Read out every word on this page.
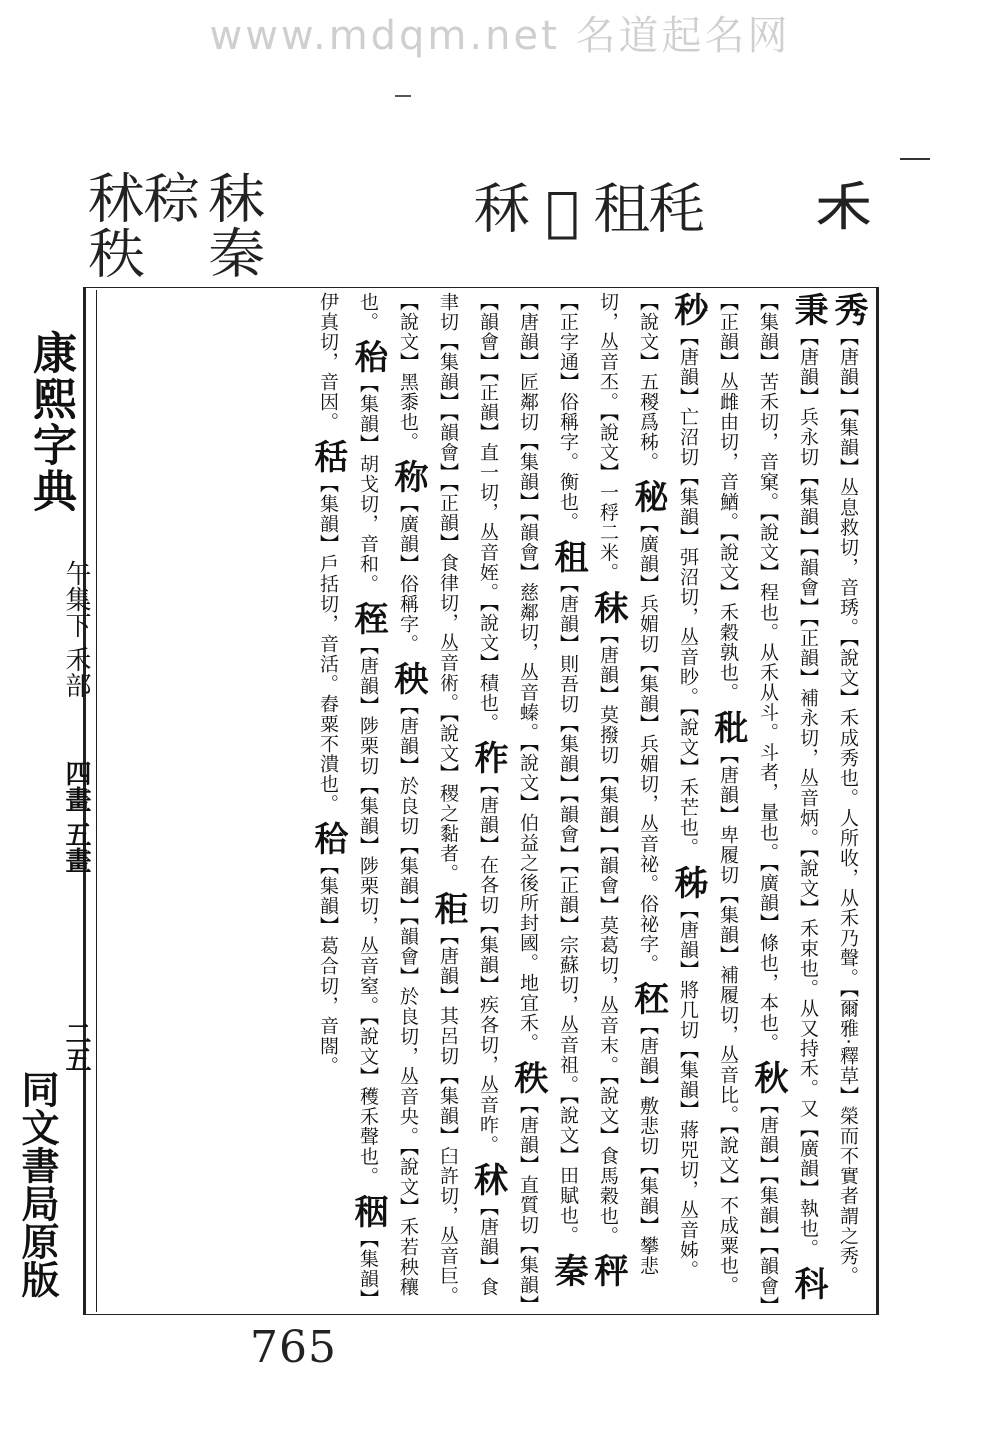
www.mdqm.net 名道起名网
𥝌
秏
租
𪌻
秝
秣
秦
𥟡
秫
秩
秀【唐韻】【集韻】丛息救切，音琇。【說文】禾成秀也。人所收，从禾乃聲。【爾雅·釋草】榮而不實者謂之秀。 秉【唐韻】兵永切【集韻】【韻會】【正韻】補永切，丛音炳。【說文】禾束也。从又持禾。又【廣韻】執也。 科【集韻】苦禾切，音窠。【說文】程也。从禾从斗。斗者，量也。【廣韻】條也，本也。 秋【唐韻】【集韻】【韻會】【正韻】丛雌由切，音鰌。【說文】禾穀孰也。 秕【唐韻】卑履切【集韻】補履切，丛音比。【說文】不成粟也。 秒【唐韻】亡沼切【集韻】弭沼切，丛音眇。【說文】禾芒也。 秭【唐韻】將几切【集韻】蔣兕切，丛音姊。【說文】五稯爲秭。 秘【廣韻】兵媚切【集韻】兵媚切，丛音祕。俗祕字。 秠【唐韻】敷悲切【集韻】攀悲切，丛音丕。【說文】一稃二米。 秣【唐韻】莫撥切【集韻】【韻會】莫葛切，丛音末。【說文】食馬穀也。 秤【正字通】俗稱字。衡也。 租【唐韻】則吾切【集韻】【韻會】【正韻】宗蘇切，丛音祖。【說文】田賦也。 秦【唐韻】匠鄰切【集韻】【韻會】慈鄰切，丛音螓。【說文】伯益之後所封國。地宜禾。 秩【唐韻】直質切【集韻】【韻會】【正韻】直一切，丛音姪。【說文】積也。 秨【唐韻】在各切【集韻】疾各切，丛音昨。 秫【唐韻】食聿切【集韻】【韻會】【正韻】食律切，丛音術。【說文】稷之黏者。 秬【唐韻】其呂切【集韻】臼許切，丛音巨。【說文】黑黍也。 称【廣韻】俗稱字。 秧【唐韻】於良切【集韻】【韻會】於良切，丛音央。【說文】禾若秧穰也。 秮【集韻】胡戈切，音和。 秷【唐韻】陟栗切【集韻】陟栗切，丛音窒。【說文】穫禾聲也。 秵【集韻】伊真切，音因。 秳【集韻】戶括切，音活。舂粟不潰也。 秴【集韻】葛合切，音閤。
康熙字典
午集下 禾部
四畫 五畫
二五
同文書局原版
765
